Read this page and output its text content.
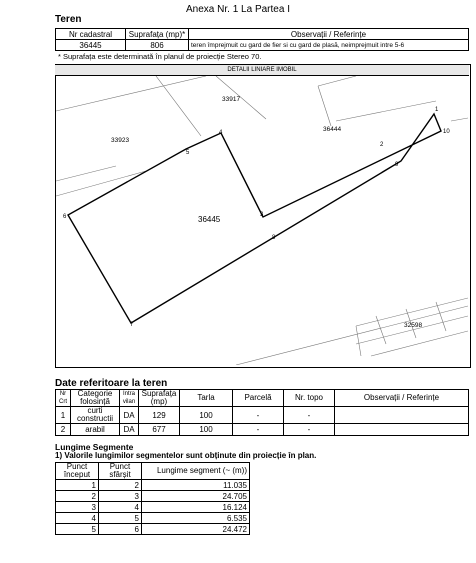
Anexa Nr. 1 La Partea I
Teren
Nr cadastral	Suprafața (mp)*	Observații / Referințe
36445	806	teren împrejmuit cu gard de fier si cu gard de plasă, neimprejmuit intre 5-6
* Suprafața este determinată în planul de proiecție Stereo 70.
DETALII LINIARE IMOBIL
33917
33923
36444
36445
32598
1
2
3
4
5
6
7
8
9
10
Date referitoare la teren
Nr Crt	Categorie folosință	Intra vilan	Suprafața (mp)	Tarla	Parcelă	Nr. topo	Observații / Referințe
1	curti constructii	DA	129	100	-	-	
2	arabil	DA	677	100	-	-	
Lungime Segmente
1) Valorile lungimilor segmentelor sunt obținute din proiecție în plan.
Punct început	Punct sfârșit	Lungime segment (~ (m))
1	2	11.035
2	3	24.705
3	4	16.124
4	5	6.535
5	6	24.472
